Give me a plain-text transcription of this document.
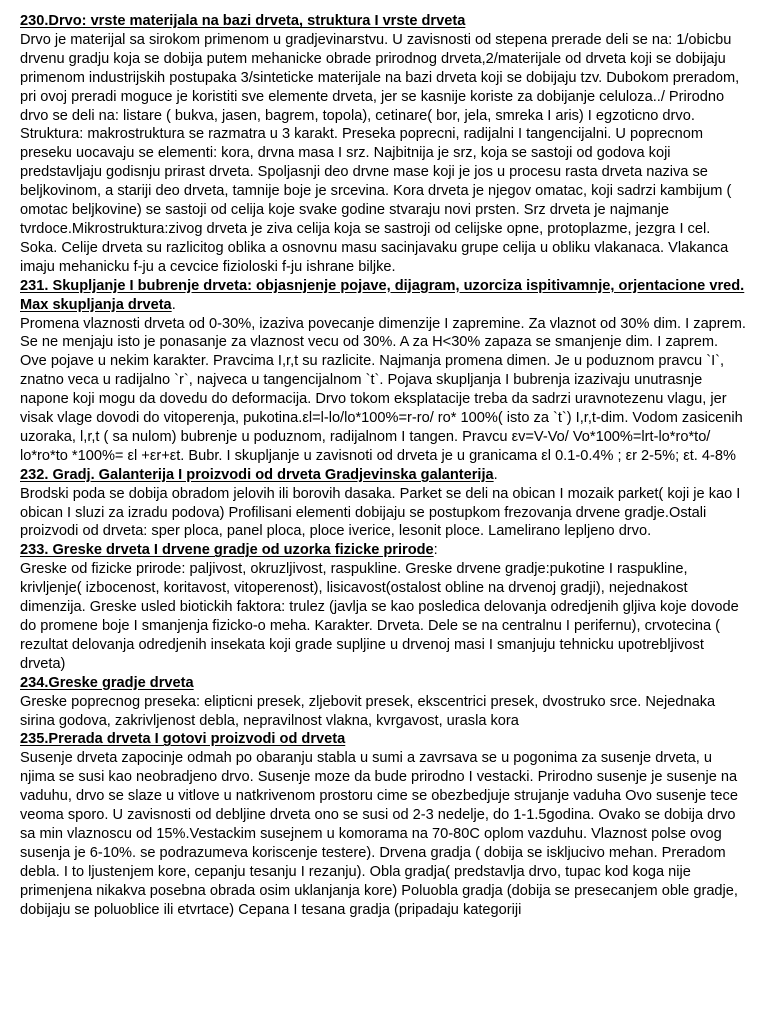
230.Drvo: vrste materijala na bazi drveta, struktura I vrste drveta

Drvo je materijal sa sirokom primenom u gradjevinarstvu. U zavisnosti od stepena prerade deli se na: 1/obicbu drvenu gradju koja se dobija putem mehanicke obrade prirodnog drveta,2/materijale od drveta koji se dobijaju primenom industrijskih postupaka 3/sinteticke materijale na bazi drveta koji se dobijaju tzv. Dubokom preradom, pri ovoj preradi moguce je koristiti sve elemente drveta, jer se kasnije koriste za dobijanje celuloza../ Prirodno drvo se deli na: listare ( bukva, jasen, bagrem, topola), cetinare( bor, jela, smreka I aris) I egzoticno drvo. Struktura: makrostruktura se razmatra u 3 karakt. Preseka poprecni, radijalni I tangencijalni. U poprecnom preseku uocavaju se elementi: kora, drvna masa I srz. Najbitnija je srz, koja se sastoji od godova koji predstavljaju godisnju prirast drveta. Spoljasnji deo drvne mase koji je jos u procesu rasta drveta naziva se beljkovinom, a stariji deo drveta, tamnije boje je srcevina. Kora drveta je njegov omatac, koji sadrzi kambijum ( omotac beljkovine) se sastoji od celija koje svake godine stvaraju novi prsten. Srz drveta je najmanje tvrdoce.Mikrostruktura:zivog drveta je ziva celija koja se sastroji od celijske opne, protoplazme, jezgra I cel. Soka. Celije drveta su razlicitog oblika a osnovnu masu sacinjavaku grupe celija u obliku vlakanaca. Vlakanca imaju mehanicku f-ju a cevcice fizioloski f-ju ishrane biljke.

231. Skupljanje I bubrenje drveta: objasnjenje pojave, dijagram, uzorciza ispitivamnje, orjentacione vred. Max skupljanja drveta.

Promena vlaznosti drveta od 0-30%, izaziva povecanje dimenzije I zapremine. Za vlaznot od 30% dim. I zaprem. Se ne menjaju isto je ponasanje za vlaznost vecu od 30%. A za H<30% zapaza se smanjenje dim. I zaprem. Ove pojave u nekim karakter. Pravcima I,r,t su razlicite. Najmanja promena dimen. Je u poduznom pravcu `I`, znatno veca u radijalno `r`, najveca u tangencijalnom `t`. Pojava skupljanja I bubrenja izazivaju unutrasnje napone koji mogu da dovedu do deformacija. Drvo tokom eksplatacije treba da sadrzi uravnotezenu vlagu, jer visak vlage dovodi do vitoperenja, pukotina.εl=l-lo/lo*100%=r-ro/ ro* 100%( isto za `t`) I,r,t-dim. Vodom zasicenih uzoraka, l,r,t ( sa nulom) bubrenje u poduznom, radijalnom I tangen. Pravcu εv=V-Vo/ Vo*100%=lrt-lo*ro*to/ lo*ro*to *100%= εl +εr+εt. Bubr. I skupljanje u zavisnoti od drveta je u granicama εl 0.1-0.4% ; εr 2-5%; εt. 4-8%

232. Gradj. Galanterija I proizvodi od drveta Gradjevinska galanterija.

Brodski poda se dobija obradom jelovih ili borovih dasaka. Parket se deli na obican I mozaik parket( koji je kao I obican I sluzi za izradu podova) Profilisani elementi dobijaju se postupkom frezovanja drvene gradje.Ostali proizvodi od drveta: sper ploca, panel ploca, ploce iverice, lesonit ploce. Lamelirano lepljeno drvo.

233. Greske drveta I drvene gradje od uzorka fizicke prirode:

Greske od fizicke prirode: paljivost, okruzljivost, raspukline. Greske drvene gradje:pukotine I raspukline, krivljenje( izbocenost, koritavost, vitoperenost), lisicavost(ostalost obline na drvenoj gradji), nejednakost dimenzija. Greske usled biotickih faktora: trulez (javlja se kao posledica delovanja odredjenih gljiva koje dovode do promene boje I smanjenja fizicko-o meha. Karakter. Drveta. Dele se na centralnu I perifernu), crvotecina ( rezultat delovanja odredjenih insekata koji grade supljine u drvenoj masi I smanjuju tehnicku upotrebljivost drveta)

234.Greske gradje drveta

Greske poprecnog preseka: elipticni presek, zljebovit presek, ekscentrici presek, dvostruko srce. Nejednaka sirina godova, zakrivljenost debla, nepravilnost vlakna, kvrgavost, urasla kora

235.Prerada drveta I gotovi proizvodi od drveta

Susenje drveta zapocinje odmah po obaranju stabla u sumi a zavrsava se u pogonima za susenje drveta, u njima se susi kao neobradjeno drvo. Susenje moze da bude prirodno I vestacki. Prirodno susenje je susenje na vaduhu, drvo se slaze u vitlove u natkrivenom prostoru cime se obezbedjuje strujanje vaduha Ovo susenje tece veoma sporo. U zavisnosti od debljine drveta ono se susi od 2-3 nedelje, do 1-1.5godina. Ovako se dobija drvo sa min vlaznoscu od 15%.Vestackim susejnem u komorama na 70-80C oplom vazduhu. Vlaznost polse ovog susenja je 6-10%. se podrazumeva koriscenje testere). Drvena gradja ( dobija se iskljucivo mehan. Preradom debla. I to ljustenjem kore, cepanju tesanju I rezanju). Obla gradja( predstavlja drvo, tupac kod koga nije primenjena nikakva posebna obrada osim uklanjanja kore) Poluobla gradja (dobija se presecanjem oble gradje, dobijaju se poluoblice ili etvrtace) Cepana I tesana gradja (pripadaju kategoriji
